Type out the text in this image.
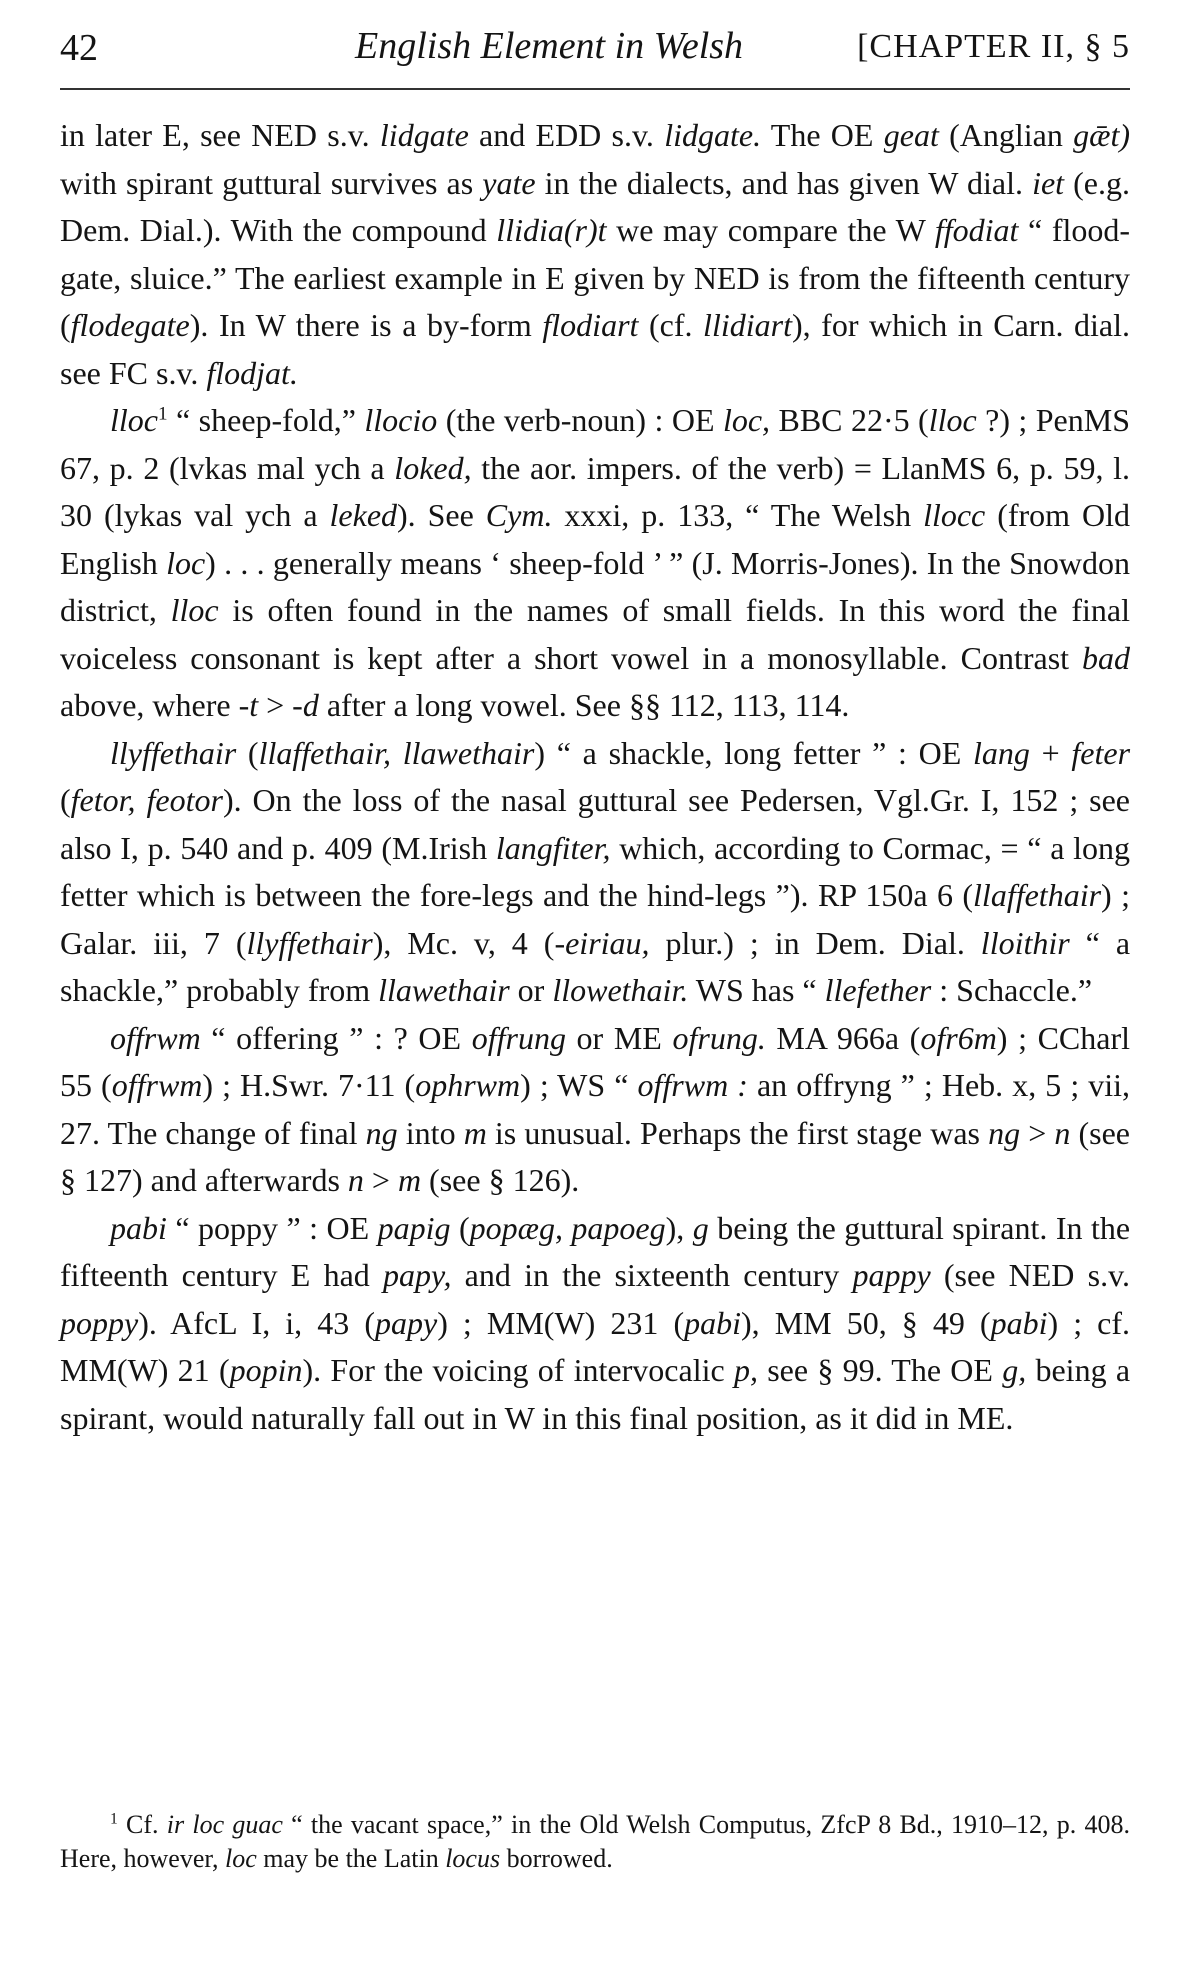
42	English Element in Welsh	[CHAPTER II, § 5

in later E, see NED s.v. lidgate and EDD s.v. lidgate. The OE geat (Anglian gǣt) with spirant guttural survives as yate in the dialects, and has given W dial. iet (e.g. Dem. Dial.). With the compound llidia(r)t we may compare the W ffodiat “ flood-gate, sluice.” The earliest example in E given by NED is from the fifteenth century (flodegate). In W there is a by-form flodiart (cf. llidiart), for which in Carn. dial. see FC s.v. flodjat.

lloc$^1$ “ sheep-fold,” llocio (the verb-noun) : OE loc, BBC 22·5 (lloc ?) ; PenMS 67, p. 2 (lvkas mal ych a loked, the aor. impers. of the verb) = LlanMS 6, p. 59, l. 30 (lykas val ych a leked). See Cym. xxxi, p. 133, “ The Welsh llocc (from Old English loc) . . . generally means ‘ sheep-fold ’ ” (J. Morris-Jones). In the Snowdon district, lloc is often found in the names of small fields. In this word the final voiceless consonant is kept after a short vowel in a monosyllable. Contrast bad above, where -t > -d after a long vowel. See §§ 112, 113, 114.

llyffethair (llaffethair, llawethair) “ a shackle, long fetter ” : OE lang + feter (fetor, feotor). On the loss of the nasal guttural see Pedersen, Vgl.Gr. I, 152 ; see also I, p. 540 and p. 409 (M.Irish langfiter, which, according to Cormac, = “ a long fetter which is between the fore-legs and the hind-legs ”). RP 150a 6 (llaffethair) ; Galar. iii, 7 (llyffethair), Mc. v, 4 (-eiriau, plur.) ; in Dem. Dial. lloithir “ a shackle,” probably from llawethair or llowethair. WS has “ llefether : Schaccle.”

offrwm “ offering ” : ? OE offrung or ME ofrung. MA 966a (ofr6m) ; CCharl 55 (offrwm) ; H.Swr. 7·11 (ophrwm) ; WS “ offrwm : an offryng ” ; Heb. x, 5 ; vii, 27. The change of final ng into m is unusual. Perhaps the first stage was ng > n (see § 127) and afterwards n > m (see § 126).

pabi “ poppy ” : OE papig (popæg, papoeg), g being the guttural spirant. In the fifteenth century E had papy, and in the sixteenth century pappy (see NED s.v. poppy). AfcL I, i, 43 (papy) ; MM(W) 231 (pabi), MM 50, § 49 (pabi) ; cf. MM(W) 21 (popin). For the voicing of intervocalic p, see § 99. The OE g, being a spirant, would naturally fall out in W in this final position, as it did in ME.

$^1$ Cf. ir loc guac “ the vacant space,” in the Old Welsh Computus, ZfcP 8 Bd., 1910–12, p. 408. Here, however, loc may be the Latin locus borrowed.
